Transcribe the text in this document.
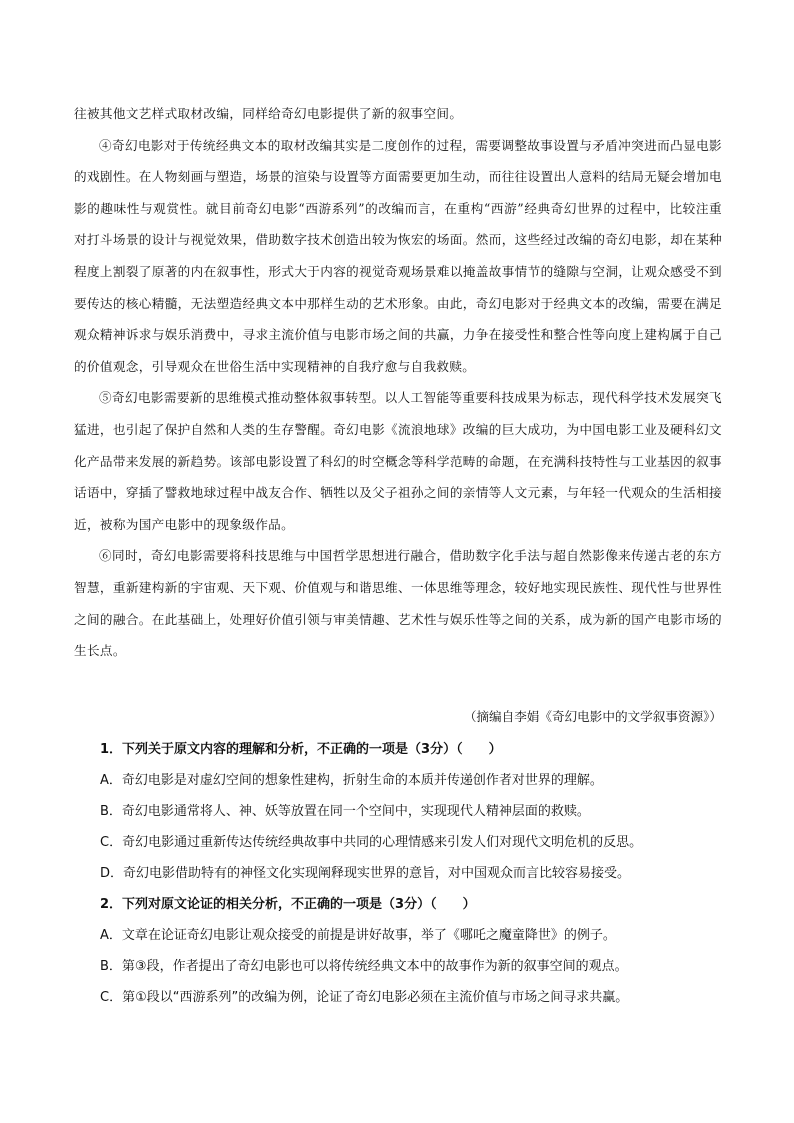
往被其他文艺样式取材改编，同样给奇幻电影提供了新的叙事空间。

④奇幻电影对于传统经典文本的取材改编其实是二度创作的过程，需要调整故事设置与矛盾冲突进而凸显电影的戏剧性。在人物刻画与塑造，场景的渲染与设置等方面需要更加生动，而往往设置出人意料的结局无疑会增加电影的趣味性与观赏性。就目前奇幻电影“西游系列”的改编而言，在重构“西游”经典奇幻世界的过程中，比较注重对打斗场景的设计与视觉效果，借助数字技术创造出较为恢宏的场面。然而，这些经过改编的奇幻电影，却在某种程度上割裂了原著的内在叙事性，形式大于内容的视觉奇观场景难以掩盖故事情节的缝隙与空洞，让观众感受不到要传达的核心精髓，无法塑造经典文本中那样生动的艺术形象。由此，奇幻电影对于经典文本的改编，需要在满足观众精神诉求与娱乐消费中，寻求主流价值与电影市场之间的共赢，力争在接受性和整合性等向度上建构属于自己的价值观念，引导观众在世俗生活中实现精神的自我疗愈与自我救赎。

⑤奇幻电影需要新的思维模式推动整体叙事转型。以人工智能等重要科技成果为标志，现代科学技术发展突飞猛进，也引起了保护自然和人类的生存警醒。奇幻电影《流浪地球》改编的巨大成功，为中国电影工业及硬科幻文化产品带来发展的新趋势。该部电影设置了科幻的时空概念等科学范畴的命题，在充满科技特性与工业基因的叙事话语中，穿插了譬救地球过程中战友合作、牺牲以及父子祖孙之间的亲情等人文元素，与年轻一代观众的生活相接近，被称为国产电影中的现象级作品。

⑥同时，奇幻电影需要将科技思维与中国哲学思想进行融合，借助数字化手法与超自然影像来传递古老的东方智慧，重新建构新的宇宙观、天下观、价值观与和谐思维、一体思维等理念，较好地实现民族性、现代性与世界性之间的融合。在此基础上，处理好价值引领与审美情趣、艺术性与娱乐性等之间的关系，成为新的国产电影市场的生长点。

（摘编自李娟《奇幻电影中的文学叙事资源》）

1．下列关于原文内容的理解和分析，不正确的一项是（3分）（　　）

A．奇幻电影是对虚幻空间的想象性建构，折射生命的本质并传递创作者对世界的理解。

B．奇幻电影通常将人、神、妖等放置在同一个空间中，实现现代人精神层面的救赎。

C．奇幻电影通过重新传达传统经典故事中共同的心理情感来引发人们对现代文明危机的反思。

D．奇幻电影借助特有的神怪文化实现阐释现实世界的意旨，对中国观众而言比较容易接受。

2．下列对原文论证的相关分析，不正确的一项是（3分）（　　）

A．文章在论证奇幻电影让观众接受的前提是讲好故事，举了《哪吒之魔童降世》的例子。

B．第③段，作者提出了奇幻电影也可以将传统经典文本中的故事作为新的叙事空间的观点。

C．第①段以“西游系列”的改编为例，论证了奇幻电影必须在主流价值与市场之间寻求共赢。
